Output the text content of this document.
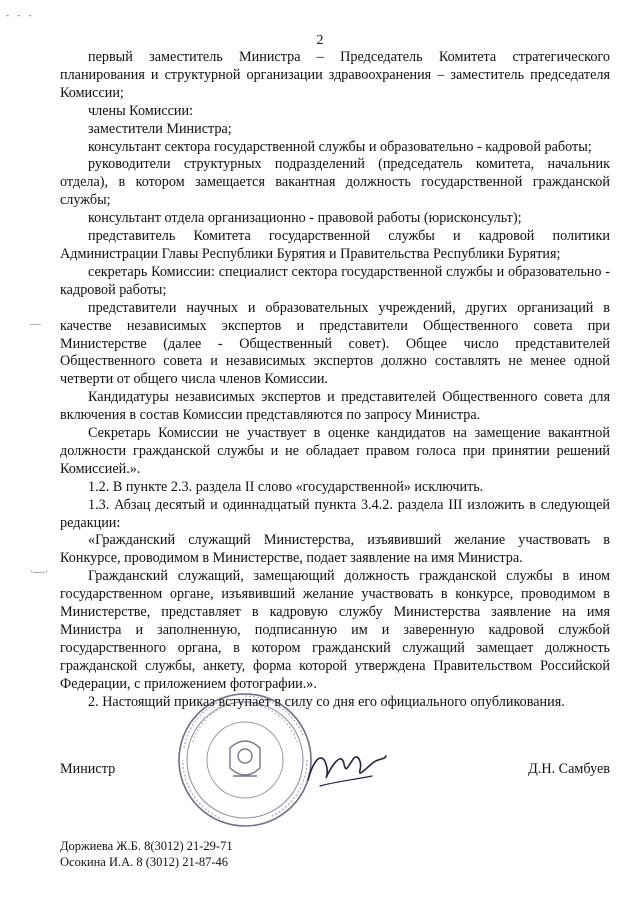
- - -
2
—
·—·

первый заместитель Министра – Председатель Комитета стратегического планирования и структурной организации здравоохранения – заместитель председателя Комиссии;

члены Комиссии:

заместители Министра;

консультант сектора государственной службы и образовательно - кадровой работы;

руководители структурных подразделений (председатель комитета, начальник отдела), в котором замещается вакантная должность государственной гражданской службы;

консультант отдела организационно - правовой работы (юрисконсульт);

представитель Комитета государственной службы и кадровой политики Администрации Главы Республики Бурятия и Правительства Республики Бурятия;

секретарь Комиссии: специалист сектора государственной службы и образовательно - кадровой работы;

представители научных и образовательных учреждений, других организаций в качестве независимых экспертов и представители Общественного совета при Министерстве (далее - Общественный совет). Общее число представителей Общественного совета и независимых экспертов должно составлять не менее одной четверти от общего числа членов Комиссии.

Кандидатуры независимых экспертов и представителей Общественного совета для включения в состав Комиссии представляются по запросу Министра.

Секретарь Комиссии не участвует в оценке кандидатов на замещение вакантной должности гражданской службы и не обладает правом голоса при принятии решений Комиссией.».

1.2. В пункте 2.3. раздела II слово «государственной» исключить.

1.3. Абзац десятый и одиннадцатый пункта 3.4.2. раздела III изложить в следующей редакции:

«Гражданский служащий Министерства, изъявивший желание участвовать в Конкурсе, проводимом в Министерстве, подает заявление на имя Министра.

Гражданский служащий, замещающий должность гражданской службы в ином государственном органе, изъявивший желание участвовать в конкурсе, проводимом в Министерстве, представляет в кадровую службу Министерства заявление на имя Министра и заполненную, подписанную им и заверенную кадровой службой государственного органа, в котором гражданский служащий замещает должность гражданской службы, анкету, форма которой утверждена Правительством Российской Федерации, с приложением фотографии.».

2. Настоящий приказ вступает в силу со дня его официального опубликования.

Министр	Д.Н. Самбуев
Доржиева Ж.Б. 8(3012) 21-29-71
Осокина И.А. 8 (3012) 21-87-46
